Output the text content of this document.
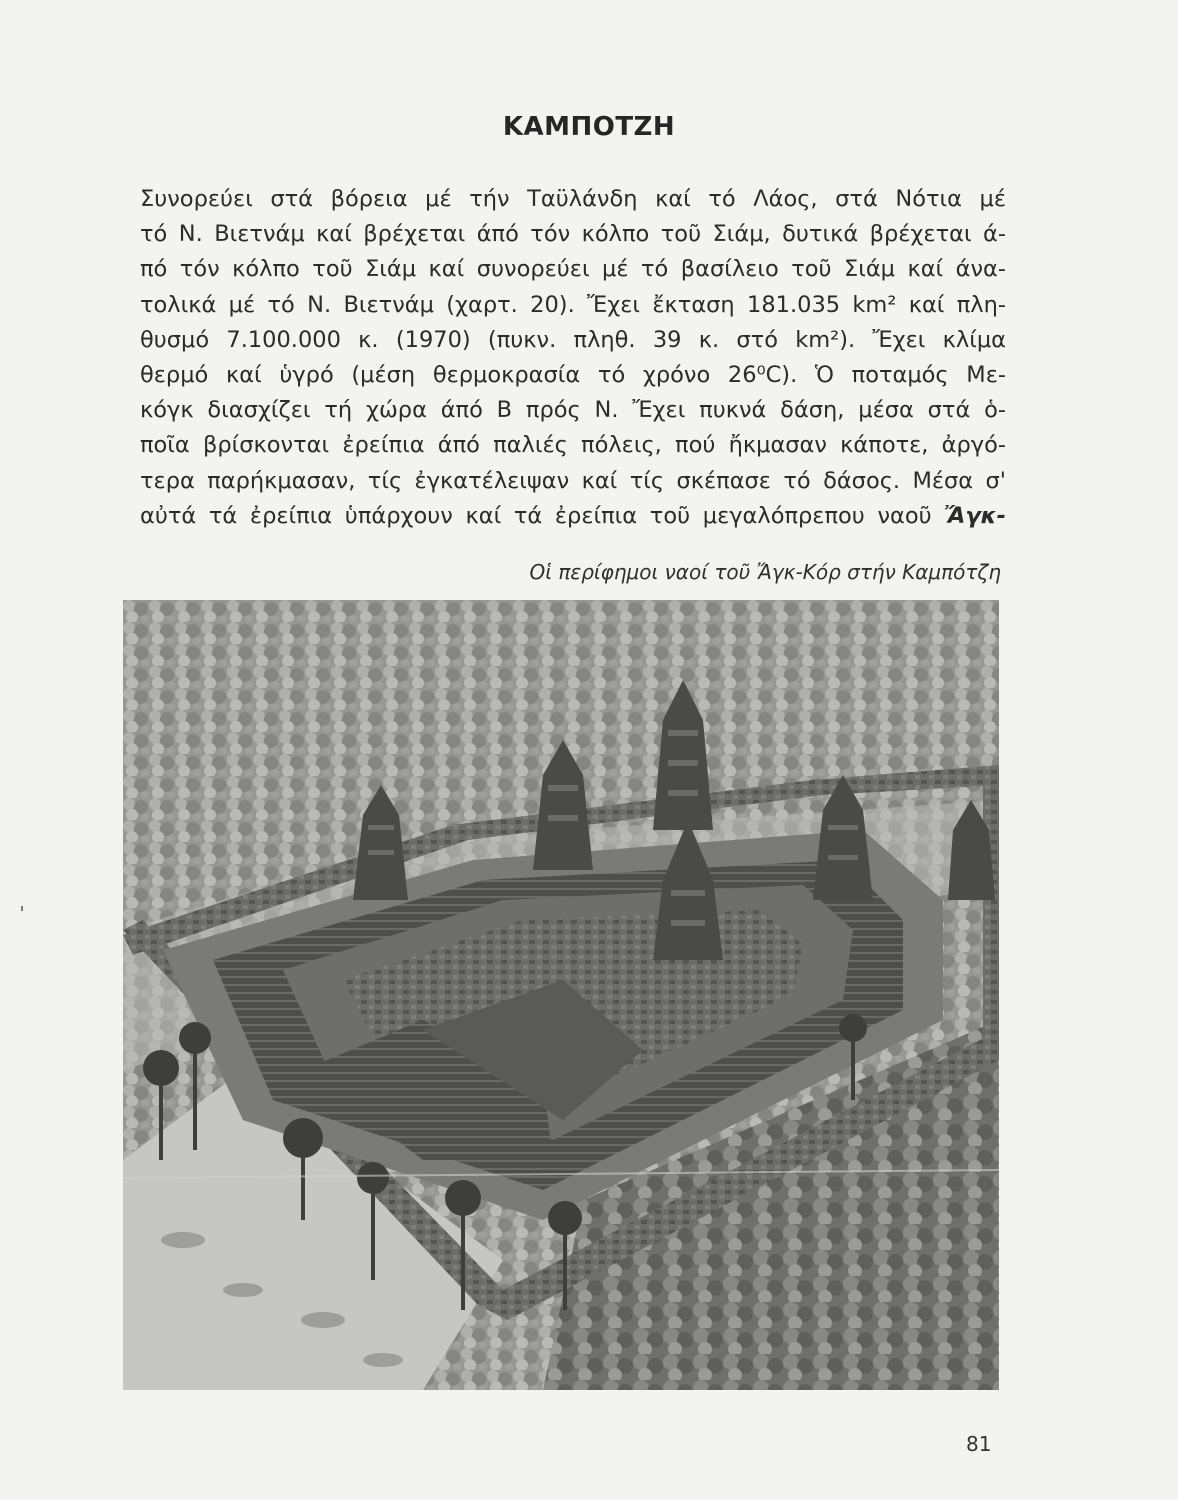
ΚΑΜΠΟΤΖΗ
Συνορεύει στά βόρεια μέ τήν Ταϋλάνδη καί τό Λάος, στά Νότια μέ
τό Ν. Βιετνάμ καί βρέχεται άπό τόν κόλπο τοῦ Σιάμ, δυτικά βρέχεται ά-
πό τόν κόλπο τοῦ Σιάμ καί συνορεύει μέ τό βασίλειο τοῦ Σιάμ καί άνα-
τολικά μέ τό Ν. Βιετνάμ (χαρτ. 20). Ἔχει ἔκταση 181.035 km² καί πλη-
θυσμό 7.100.000 κ. (1970) (πυκν. πληθ. 39 κ. στό km²). Ἔχει κλίμα
θερμό καί ὑγρό (μέση θερμοκρασία τό χρόνο 26⁰C). Ὁ ποταμός Με-
κόγκ διασχίζει τή χώρα άπό Β πρός Ν. Ἔχει πυκνά δάση, μέσα στά ὁ-
ποῖα βρίσκονται ἐρείπια άπό παλιές πόλεις, πού ἤκμασαν κάποτε, ἀργό-
τερα παρήκμασαν, τίς ἐγκατέλειψαν καί τίς σκέπασε τό δάσος. Μέσα σ'
αὐτά τά ἐρείπια ὑπάρχουν καί τά ἐρείπια τοῦ μεγαλόπρεπου ναοῦ Ἄγκ-
Οἱ περίφημοι ναοί τοῦ Ἄγκ-Κόρ στήν Καμπότζη
81
